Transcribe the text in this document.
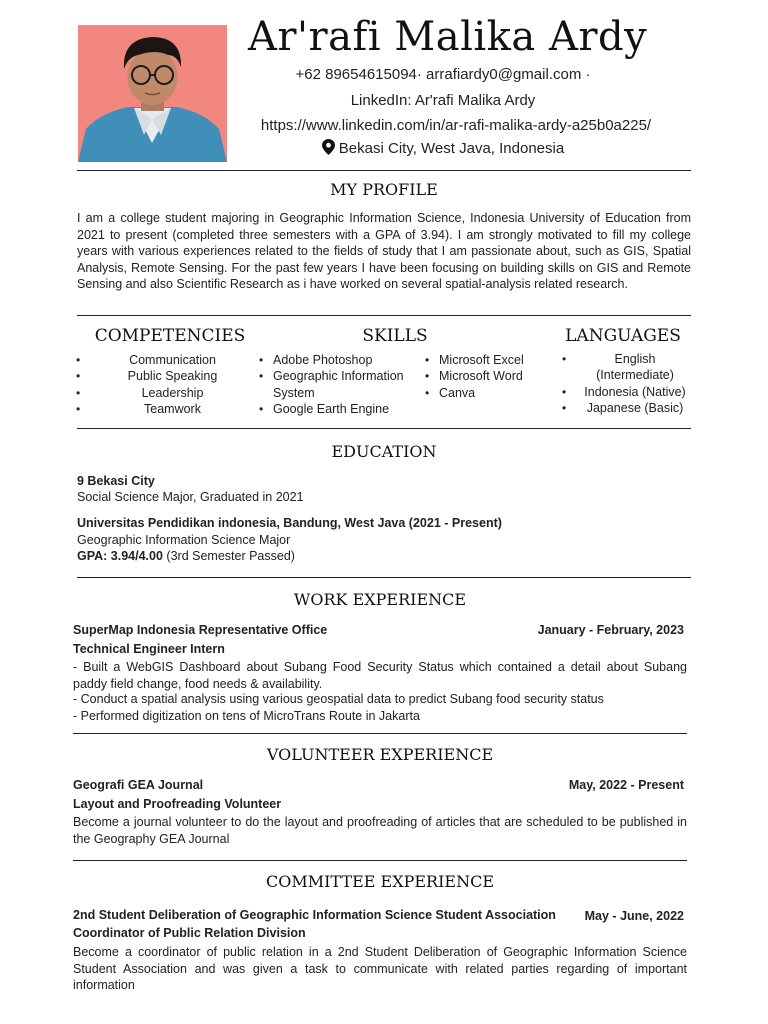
Ar'rafi Malika Ardy
+62 89654615094· arrafiardy0@gmail.com ·
LinkedIn: Ar'rafi Malika Ardy
https://www.linkedin.com/in/ar-rafi-malika-ardy-a25b0a225/
Bekasi City, West Java, Indonesia
MY PROFILE
I am a college student majoring in Geographic Information Science, Indonesia University of Education from 2021 to present (completed three semesters with a GPA of 3.94). I am strongly motivated to fill my college years with various experiences related to the fields of study that I am passionate about, such as GIS, Spatial Analysis, Remote Sensing. For the past few years I have been focusing on building skills on GIS and Remote Sensing and also Scientific Research as i have worked on several spatial-analysis related research.
COMPETENCIES	SKILLS	LANGUAGES
• Communication
• Public Speaking
• Leadership
• Teamwork
• Adobe Photoshop
• Geographic Information System
• Google Earth Engine
• Microsoft Excel
• Microsoft Word
• Canva
• English (Intermediate)
• Indonesia (Native)
• Japanese (Basic)
EDUCATION
9 Bekasi City
Social Science Major, Graduated in 2021
Universitas Pendidikan indonesia, Bandung, West Java (2021 - Present)
Geographic Information Science Major
GPA: 3.94/4.00 (3rd Semester Passed)
WORK EXPERIENCE
SuperMap Indonesia Representative Office	January - February, 2023
Technical Engineer Intern
- Built a WebGIS Dashboard about Subang Food Security Status which contained a detail about Subang paddy field change, food needs & availability.
- Conduct a spatial analysis using various geospatial data to predict Subang food security status
- Performed digitization on tens of MicroTrans Route in Jakarta
VOLUNTEER EXPERIENCE
Geografi GEA Journal	May, 2022 - Present
Layout and Proofreading Volunteer
Become a journal volunteer to do the layout and proofreading of articles that are scheduled to be published in the Geography GEA Journal
COMMITTEE EXPERIENCE
2nd Student Deliberation of Geographic Information Science Student Association May - June, 2022
Coordinator of Public Relation Division
Become a coordinator of public relation in a 2nd Student Deliberation of Geographic Information Science Student Association and was given a task to communicate with related parties regarding of important information
